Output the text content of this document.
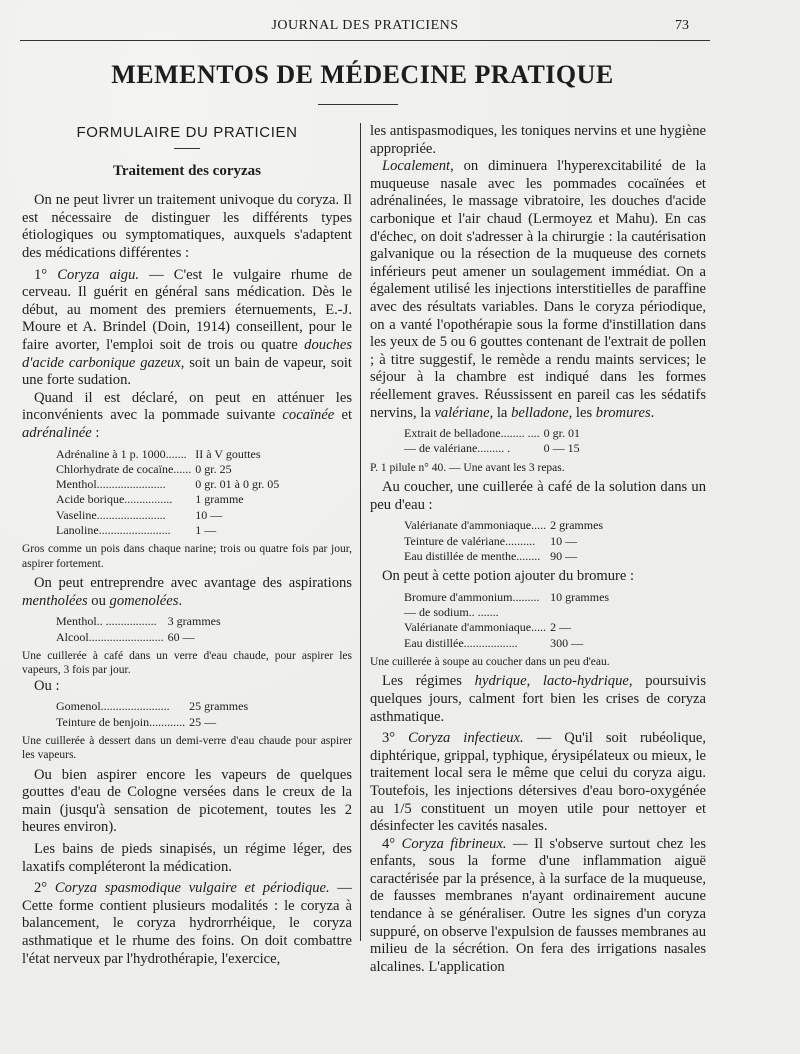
JOURNAL DES PRATICIENS	73
MEMENTOS DE MÉDECINE PRATIQUE
FORMULAIRE DU PRATICIEN
Traitement des coryzas

On ne peut livrer un traitement univoque du coryza. Il est nécessaire de distinguer les différents types étiologiques ou symptomatiques, auxquels s'adaptent des médications différentes :

1° Coryza aigu. — C'est le vulgaire rhume de cerveau. Il guérit en général sans médication. Dès le début, au moment des premiers éternuements, E.-J. Moure et A. Brindel (Doin, 1914) conseillent, pour le faire avorter, l'emploi soit de trois ou quatre douches d'acide carbonique gazeux, soit un bain de vapeur, soit une forte sudation.

Quand il est déclaré, on peut en atténuer les inconvénients avec la pommade suivante cocaïnée et adrénalinée :

Adrénaline à 1 p. 1000.......	II à V gouttes
Chlorhydrate de cocaïne......	0 gr. 25
Menthol.......................	0 gr. 01 à 0 gr. 05
Acide borique................	1 gramme
Vaseline.......................	10 —
Lanoline........................	1 —

Gros comme un pois dans chaque narine; trois ou quatre fois par jour, aspirer fortement.

On peut entreprendre avec avantage des aspirations mentholées ou gomenolées.

Menthol.. .................	3 grammes
Alcool.........................	60 —

Une cuillerée à café dans un verre d'eau chaude, pour aspirer les vapeurs, 3 fois par jour.

Ou :

Gomenol.......................	25 grammes
Teinture de benjoin............	25 —

Une cuillerée à dessert dans un demi-verre d'eau chaude pour aspirer les vapeurs.

Ou bien aspirer encore les vapeurs de quelques gouttes d'eau de Cologne versées dans le creux de la main (jusqu'à sensation de picotement, toutes les 2 heures environ).

Les bains de pieds sinapisés, un régime léger, des laxatifs compléteront la médication.

2° Coryza spasmodique vulgaire et périodique. — Cette forme contient plusieurs modalités : le coryza à balancement, le coryza hydrorrhéique, le coryza asthmatique et le rhume des foins. On doit combattre l'état nerveux par l'hydrothérapie, l'exercice,

les antispasmodiques, les toniques nervins et une hygiène appropriée.

Localement, on diminuera l'hyperexcitabilité de la muqueuse nasale avec les pommades cocaïnées et adrénalinées, le massage vibratoire, les douches d'acide carbonique et l'air chaud (Lermoyez et Mahu). En cas d'échec, on doit s'adresser à la chirurgie : la cautérisation galvanique ou la résection de la muqueuse des cornets inférieurs peut amener un soulagement immédiat. On a également utilisé les injections interstitielles de paraffine avec des résultats variables. Dans le coryza périodique, on a vanté l'opothérapie sous la forme d'instillation dans les yeux de 5 ou 6 gouttes contenant de l'extrait de pollen ; à titre suggestif, le remède a rendu maints services; le séjour à la chambre est indiqué dans les formes réellement graves. Réussissent en pareil cas les sédatifs nervins, la valériane, la belladone, les bromures.

Extrait de belladone........ ....	0 gr. 01
— de valériane......... .	0 — 15

P. 1 pilule n° 40. — Une avant les 3 repas.

Au coucher, une cuillerée à café de la solution dans un peu d'eau :

Valérianate d'ammoniaque.....	2 grammes
Teinture de valériane..........	10 —
Eau distillée de menthe........	90 —

On peut à cette potion ajouter du bromure :

Bromure d'ammonium.........	10 grammes
— de sodium.. .......	
Valérianate d'ammoniaque.....	2 —
Eau distillée..................	300 —

Une cuillerée à soupe au coucher dans un peu d'eau.

Les régimes hydrique, lacto-hydrique, poursuivis quelques jours, calment fort bien les crises de coryza asthmatique.

3° Coryza infectieux. — Qu'il soit rubéolique, diphtérique, grippal, typhique, érysipélateux ou mieux, le traitement local sera le même que celui du coryza aigu. Toutefois, les injections détersives d'eau boro-oxygénée au 1/5 constituent un moyen utile pour nettoyer et désinfecter les cavités nasales.

4° Coryza fibrineux. — Il s'observe surtout chez les enfants, sous la forme d'une inflammation aiguë caractérisée par la présence, à la surface de la muqueuse, de fausses membranes n'ayant ordinairement aucune tendance à se généraliser. Outre les signes d'un coryza suppuré, on observe l'expulsion de fausses membranes au milieu de la sécrétion. On fera des irrigations nasales alcalines. L'application
